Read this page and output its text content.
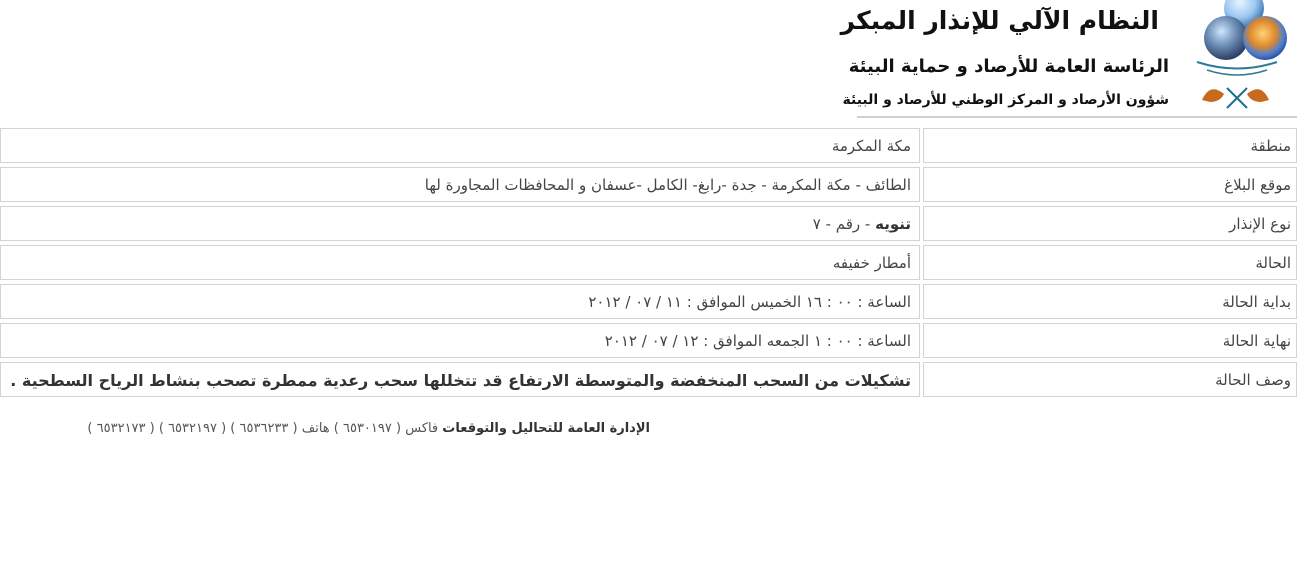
النظام الآلي للإنذار المبكر
الرئاسة العامة للأرصاد و حماية البيئة
شؤون الأرصاد و المركز الوطني للأرصاد و البيئة
منطقة
مكة المكرمة
موقع البلاغ
الطائف - مكة المكرمة - جدة -رابغ- الكامل -عسفان و المحافظات المجاورة لها
نوع الإنذار
تنويه - رقم - ٧
الحالة
أمطار خفيفه
بداية الحالة
الساعة : ٠٠ : ١٦ الخميس الموافق : ١١ / ٠٧ / ٢٠١٢
نهاية الحالة
الساعة : ٠٠ : ١ الجمعه الموافق : ١٢ / ٠٧ / ٢٠١٢
وصف الحالة
تشكيلات من السحب المنخفضة والمتوسطة الارتفاع قد تتخللها سحب رعدية ممطرة تصحب بنشاط الرياح السطحية .
الإدارة العامة للتحاليل والتوقعات فاكس ( ٦٥٣٠١٩٧ ) هاتف ( ٦٥٣٦٢٣٣ ) ( ٦٥٣٢١٩٧ ) ( ٦٥٣٢١٧٣ )
